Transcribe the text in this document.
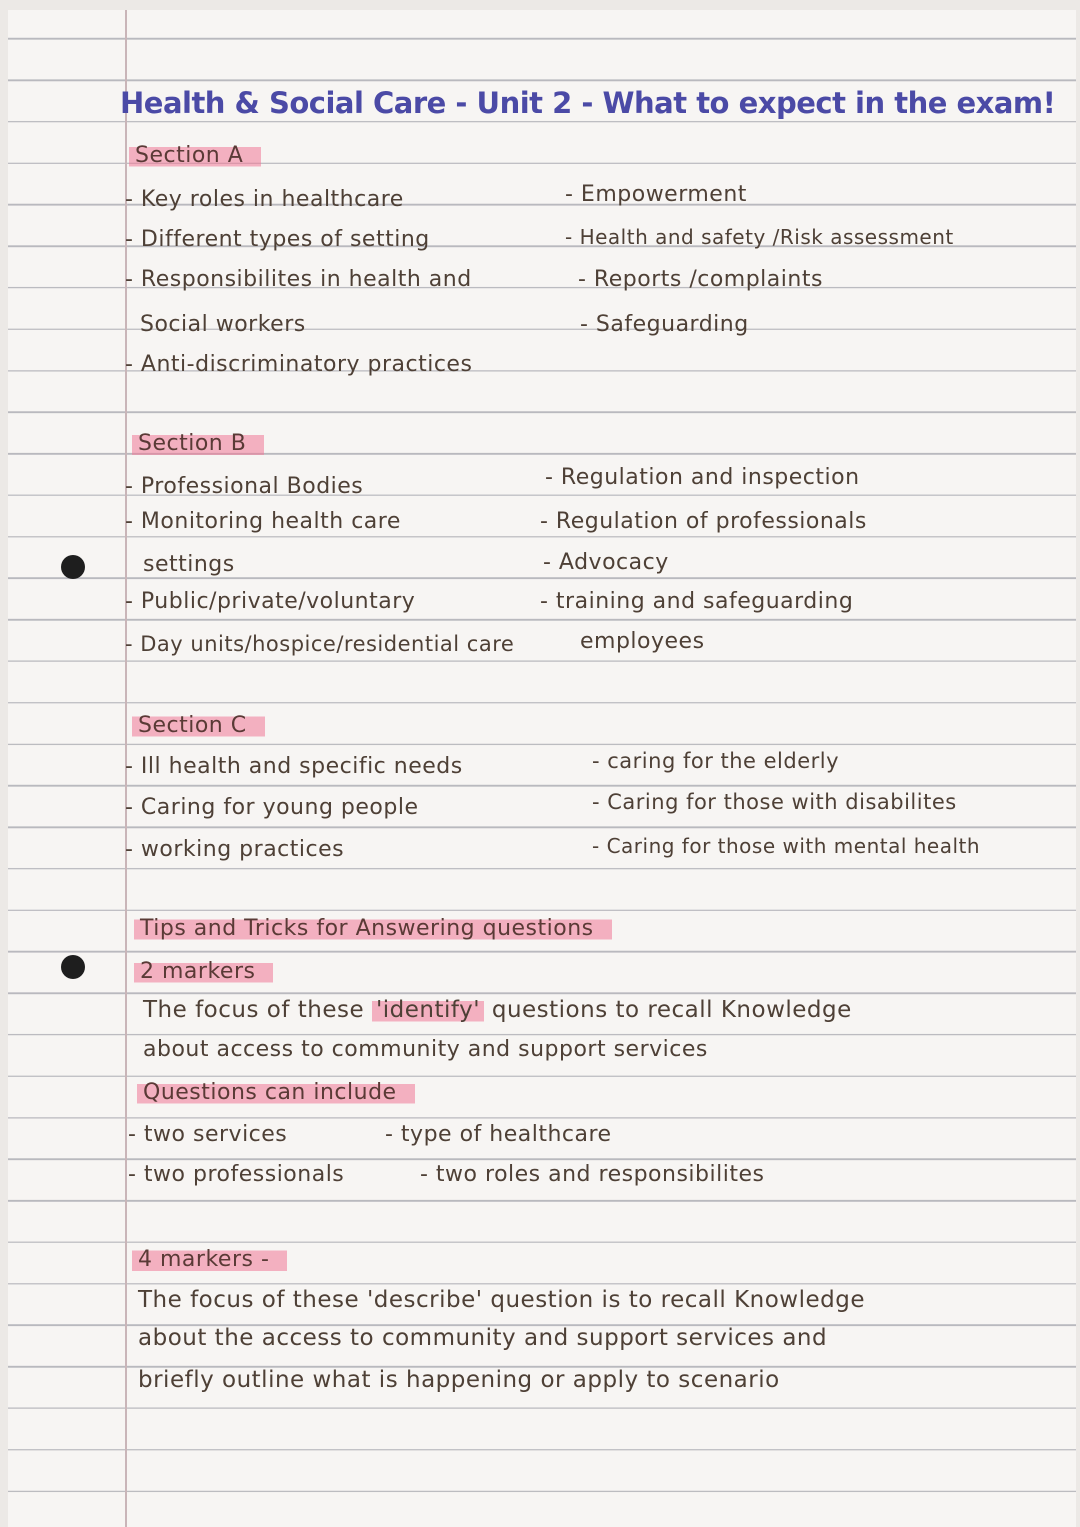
Health & Social Care - Unit 2 - What to expect in the exam!
Section A
- Key roles in healthcare
- Different types of setting
- Responsibilites in health and
Social workers
- Anti-discriminatory practices
- Empowerment
- Health and safety /Risk assessment
- Reports /complaints
- Safeguarding
Section B
- Professional Bodies
- Monitoring health care
settings
- Public/private/voluntary
- Day units/hospice/residential care
- Regulation and inspection
- Regulation of professionals
- Advocacy
- training and safeguarding
employees
Section C
- Ill health and specific needs
- Caring for young people
- working practices
- caring for the elderly
- Caring for those with disabilites
- Caring for those with mental health
Tips and Tricks for Answering questions
2 markers
The focus of these 'identify' questions to recall Knowledge
about access to community and support services
Questions can include
- two services
- two professionals
- type of healthcare
- two roles and responsibilites
4 markers -
The focus of these 'describe' question is to recall Knowledge
about the access to community and support services and
briefly outline what is happening or apply to scenario
